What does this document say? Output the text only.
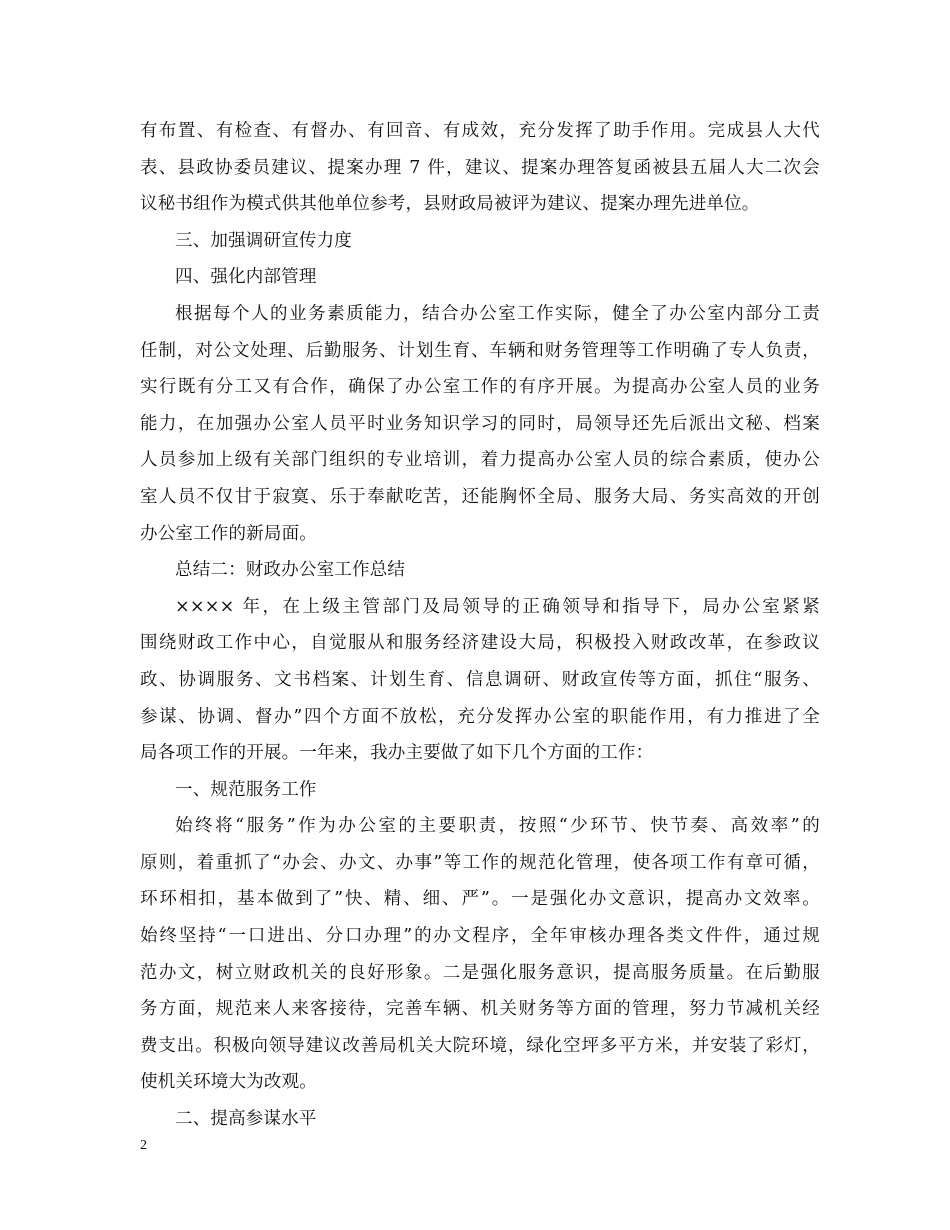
有布置、有检查、有督办、有回音、有成效，充分发挥了助手作用。完成县人大代
表、县政协委员建议、提案办理 7 件，建议、提案办理答复函被县五届人大二次会
议秘书组作为模式供其他单位参考，县财政局被评为建议、提案办理先进单位。
三、加强调研宣传力度
四、强化内部管理
根据每个人的业务素质能力，结合办公室工作实际，健全了办公室内部分工责
任制，对公文处理、后勤服务、计划生育、车辆和财务管理等工作明确了专人负责，
实行既有分工又有合作，确保了办公室工作的有序开展。为提高办公室人员的业务
能力，在加强办公室人员平时业务知识学习的同时，局领导还先后派出文秘、档案
人员参加上级有关部门组织的专业培训，着力提高办公室人员的综合素质，使办公
室人员不仅甘于寂寞、乐于奉献吃苦，还能胸怀全局、服务大局、务实高效的开创
办公室工作的新局面。
总结二：财政办公室工作总结
×××× 年，在上级主管部门及局领导的正确领导和指导下，局办公室紧紧
围绕财政工作中心，自觉服从和服务经济建设大局，积极投入财政改革，在参政议
政、协调服务、文书档案、计划生育、信息调研、财政宣传等方面，抓住“服务、
参谋、协调、督办”四个方面不放松，充分发挥办公室的职能作用，有力推进了全
局各项工作的开展。一年来，我办主要做了如下几个方面的工作：
一、规范服务工作
始终将“服务”作为办公室的主要职责，按照“少环节、快节奏、高效率”的
原则，着重抓了“办会、办文、办事”等工作的规范化管理，使各项工作有章可循，
环环相扣，基本做到了”快、精、细、严”。一是强化办文意识，提高办文效率。
始终坚持“一口进出、分口办理”的办文程序，全年审核办理各类文件件，通过规
范办文，树立财政机关的良好形象。二是强化服务意识，提高服务质量。在后勤服
务方面，规范来人来客接待，完善车辆、机关财务等方面的管理，努力节减机关经
费支出。积极向领导建议改善局机关大院环境，绿化空坪多平方米，并安装了彩灯，
使机关环境大为改观。
二、提高参谋水平
2
